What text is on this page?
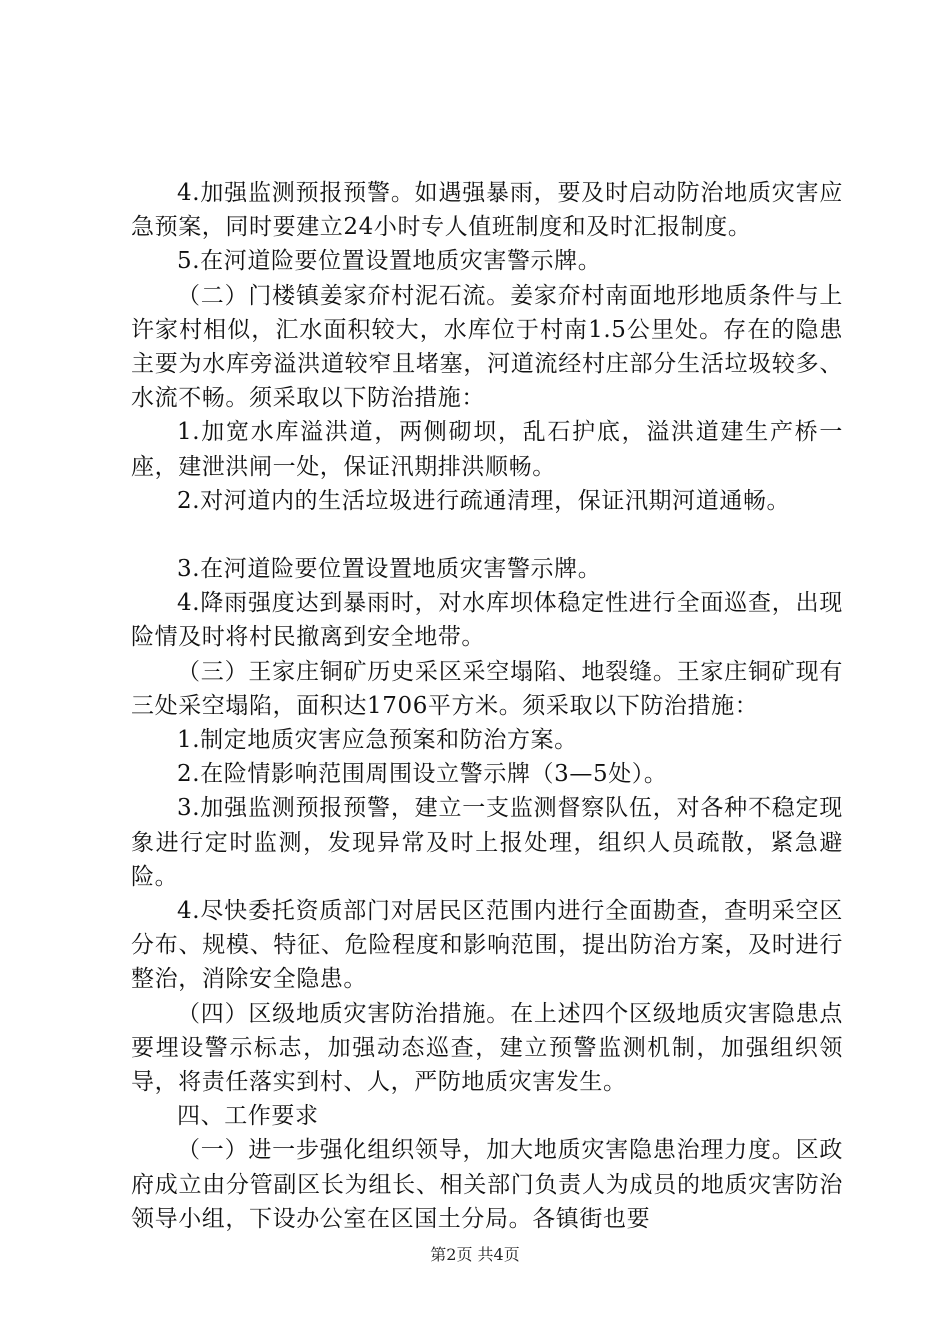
4.加强监测预报预警。如遇强暴雨，要及时启动防治地质灾害应急预案，同时要建立24小时专人值班制度和及时汇报制度。

5.在河道险要位置设置地质灾害警示牌。

（二）门楼镇姜家夼村泥石流。姜家夼村南面地形地质条件与上许家村相似，汇水面积较大，水库位于村南1.5公里处。存在的隐患主要为水库旁溢洪道较窄且堵塞，河道流经村庄部分生活垃圾较多、水流不畅。须采取以下防治措施：

1.加宽水库溢洪道，两侧砌坝，乱石护底，溢洪道建生产桥一座，建泄洪闸一处，保证汛期排洪顺畅。

2.对河道内的生活垃圾进行疏通清理，保证汛期河道通畅。

3.在河道险要位置设置地质灾害警示牌。

4.降雨强度达到暴雨时，对水库坝体稳定性进行全面巡查，出现险情及时将村民撤离到安全地带。

（三）王家庄铜矿历史采区采空塌陷、地裂缝。王家庄铜矿现有三处采空塌陷，面积达1706平方米。须采取以下防治措施：

1.制定地质灾害应急预案和防治方案。

2.在险情影响范围周围设立警示牌（3—5处）。

3.加强监测预报预警，建立一支监测督察队伍，对各种不稳定现象进行定时监测，发现异常及时上报处理，组织人员疏散，紧急避险。

4.尽快委托资质部门对居民区范围内进行全面勘查，查明采空区分布、规模、特征、危险程度和影响范围，提出防治方案，及时进行整治，消除安全隐患。

（四）区级地质灾害防治措施。在上述四个区级地质灾害隐患点要埋设警示标志，加强动态巡查，建立预警监测机制，加强组织领导，将责任落实到村、人，严防地质灾害发生。

四、工作要求

（一）进一步强化组织领导，加大地质灾害隐患治理力度。区政府成立由分管副区长为组长、相关部门负责人为成员的地质灾害防治领导小组，下设办公室在区国土分局。各镇街也要

第2页 共4页
